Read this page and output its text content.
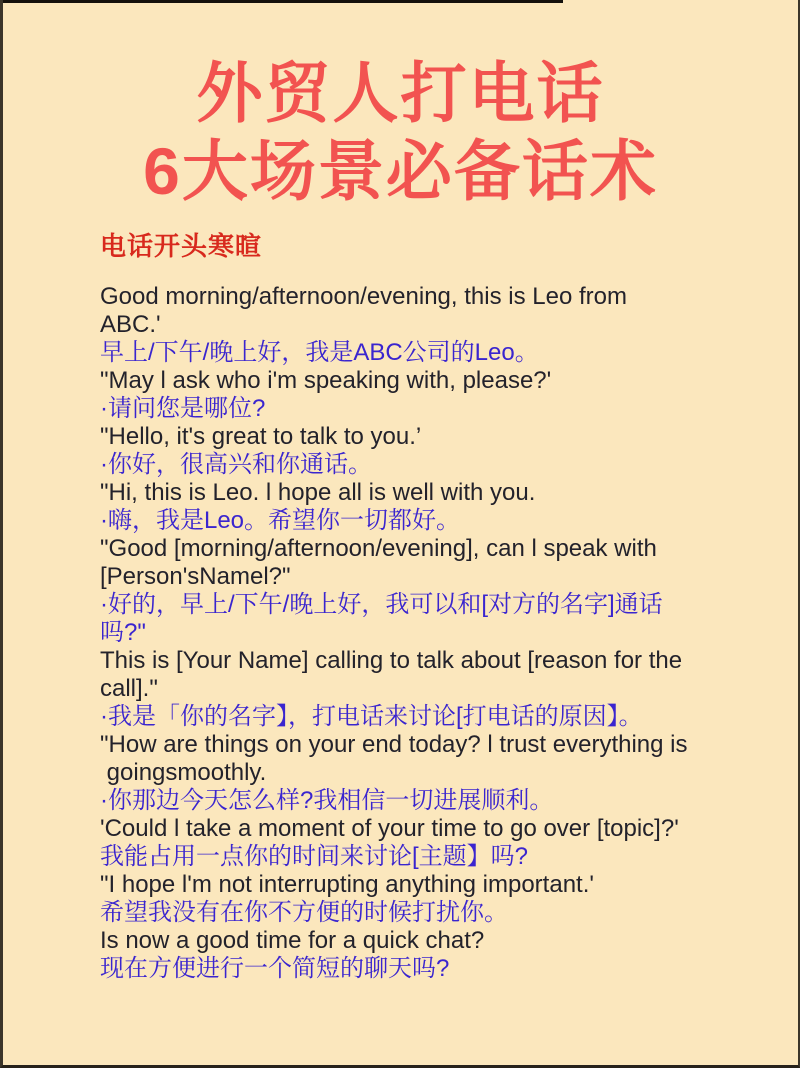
外贸人打电话
6大场景必备话术
电话开头寒暄

Good morning/afternoon/evening, this is Leo from

ABC.'

早上/下午/晚上好，我是ABC公司的Leo。

"May l ask who i'm speaking with, please?'

·请问您是哪位?

"Hello, it's great to talk to you.’

·你好，很高兴和你通话。

"Hi, this is Leo. l hope all is well with you.

·嗨，我是Leo。希望你一切都好。

"Good [morning/afternoon/evening], can l speak with

[Person'sNamel?"

·好的，早上/下午/晚上好，我可以和[对方的名字]通话

吗?"

This is [Your Name] calling to talk about [reason for the

call]."

·我是「你的名字】，打电话来讨论[打电话的原因】。

"How are things on your end today? l trust everything is

goingsmoothly.

·你那边今天怎么样?我相信一切进展顺利。

'Could l take a moment of your time to go over [topic]?'

我能占用一点你的时间来讨论[主题】吗?

"I hope l'm not interrupting anything important.'

希望我没有在你不方便的时候打扰你。

Is now a good time for a quick chat?

现在方便进行一个简短的聊天吗?
